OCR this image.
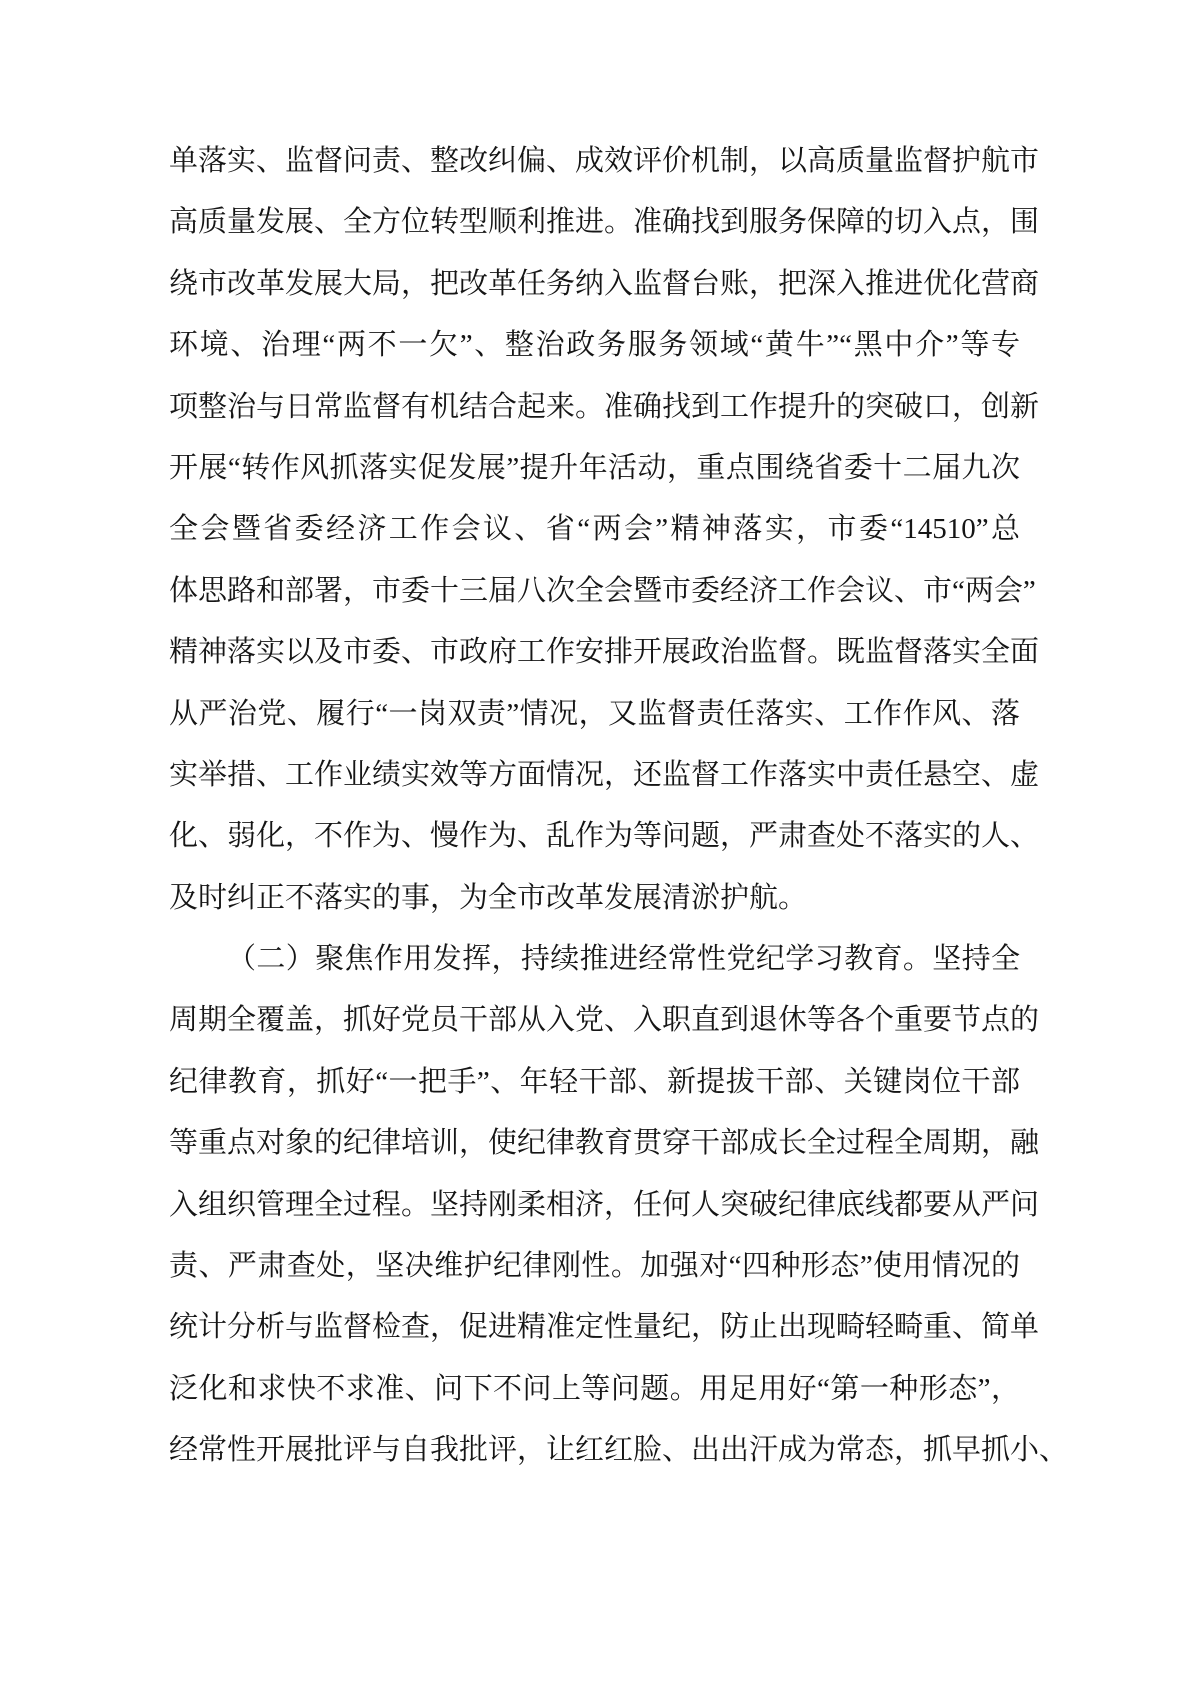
单落实、监督问责、整改纠偏、成效评价机制，以高质量监督护航市
高质量发展、全方位转型顺利推进。准确找到服务保障的切入点，围
绕市改革发展大局，把改革任务纳入监督台账，把深入推进优化营商
环境、治理“两不一欠”、整治政务服务领域“黄牛”“黑中介”等专
项整治与日常监督有机结合起来。准确找到工作提升的突破口，创新
开展“转作风抓落实促发展”提升年活动，重点围绕省委十二届九次
全会暨省委经济工作会议、省“两会”精神落实，市委“14510”总
体思路和部署，市委十三届八次全会暨市委经济工作会议、市“两会”
精神落实以及市委、市政府工作安排开展政治监督。既监督落实全面
从严治党、履行“一岗双责”情况，又监督责任落实、工作作风、落
实举措、工作业绩实效等方面情况，还监督工作落实中责任悬空、虚
化、弱化，不作为、慢作为、乱作为等问题，严肃查处不落实的人、
及时纠正不落实的事，为全市改革发展清淤护航。
（二）聚焦作用发挥，持续推进经常性党纪学习教育。坚持全
周期全覆盖，抓好党员干部从入党、入职直到退休等各个重要节点的
纪律教育，抓好“一把手”、年轻干部、新提拔干部、关键岗位干部
等重点对象的纪律培训，使纪律教育贯穿干部成长全过程全周期，融
入组织管理全过程。坚持刚柔相济，任何人突破纪律底线都要从严问
责、严肃查处，坚决维护纪律刚性。加强对“四种形态”使用情况的
统计分析与监督检查，促进精准定性量纪，防止出现畸轻畸重、简单
泛化和求快不求准、问下不问上等问题。用足用好“第一种形态”，
经常性开展批评与自我批评，让红红脸、出出汗成为常态，抓早抓小、
